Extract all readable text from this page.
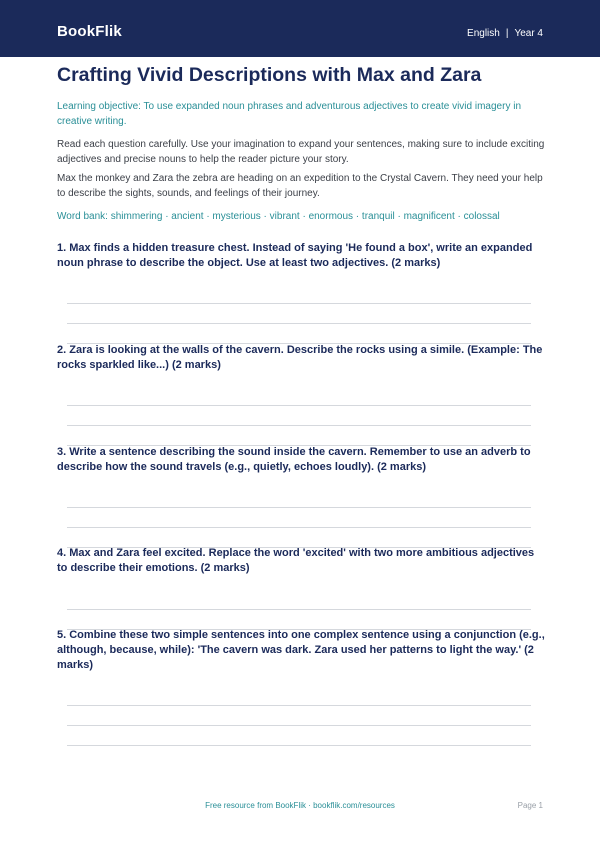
BookFlik	English | Year 4
Crafting Vivid Descriptions with Max and Zara

Learning objective: To use expanded noun phrases and adventurous adjectives to create vivid imagery in creative writing.

Read each question carefully. Use your imagination to expand your sentences, making sure to include exciting adjectives and precise nouns to help the reader picture your story.

Max the monkey and Zara the zebra are heading on an expedition to the Crystal Cavern. They need your help to describe the sights, sounds, and feelings of their journey.

Word bank: shimmering · ancient · mysterious · vibrant · enormous · tranquil · magnificent · colossal

1. Max finds a hidden treasure chest. Instead of saying 'He found a box', write an expanded noun phrase to describe the object. Use at least two adjectives. (2 marks)

2. Zara is looking at the walls of the cavern. Describe the rocks using a simile. (Example: The rocks sparkled like...) (2 marks)

3. Write a sentence describing the sound inside the cavern. Remember to use an adverb to describe how the sound travels (e.g., quietly, echoes loudly). (2 marks)

4. Max and Zara feel excited. Replace the word 'excited' with two more ambitious adjectives to describe their emotions. (2 marks)

5. Combine these two simple sentences into one complex sentence using a conjunction (e.g., although, because, while): 'The cavern was dark. Zara used her patterns to light the way.' (2 marks)

Free resource from BookFlik · bookflik.com/resources	Page 1
